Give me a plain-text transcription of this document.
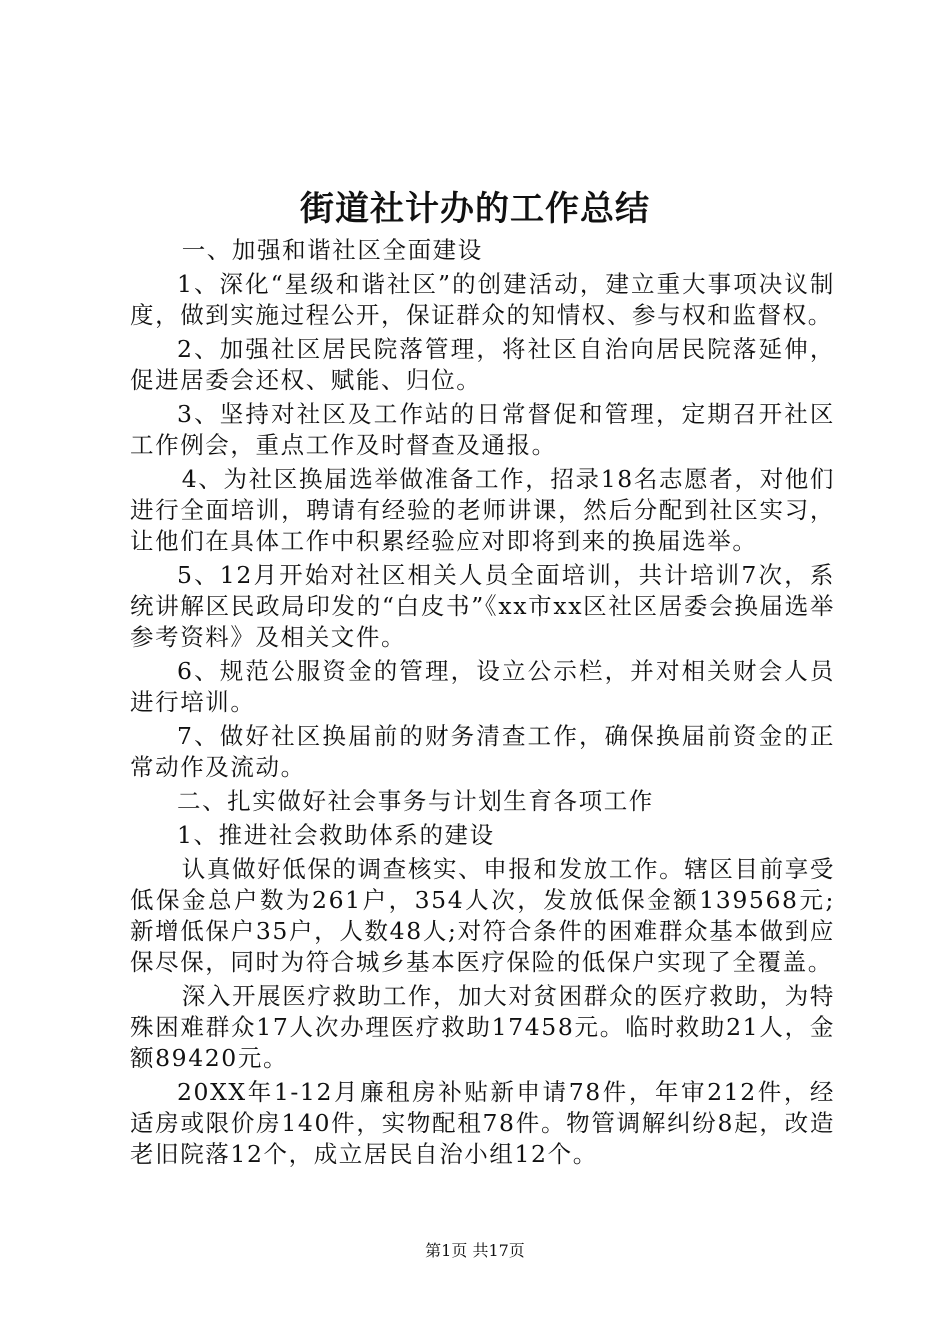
街道社计办的工作总结

一、加强和谐社区全面建设

1、深化“星级和谐社区”的创建活动，建立重大事项决议制度，做到实施过程公开，保证群众的知情权、参与权和监督权。

2、加强社区居民院落管理，将社区自治向居民院落延伸，促进居委会还权、赋能、归位。

3、坚持对社区及工作站的日常督促和管理，定期召开社区工作例会，重点工作及时督查及通报。

4、为社区换届选举做准备工作，招录18名志愿者，对他们进行全面培训，聘请有经验的老师讲课，然后分配到社区实习，让他们在具体工作中积累经验应对即将到来的换届选举。

5、12月开始对社区相关人员全面培训，共计培训7次，系统讲解区民政局印发的“白皮书”《xx市xx区社区居委会换届选举参考资料》及相关文件。

6、规范公服资金的管理，设立公示栏，并对相关财会人员进行培训。

7、做好社区换届前的财务清查工作，确保换届前资金的正常动作及流动。

二、扎实做好社会事务与计划生育各项工作

1、推进社会救助体系的建设

认真做好低保的调查核实、申报和发放工作。辖区目前享受低保金总户数为261户，354人次，发放低保金额139568元;新增低保户35户，人数48人;对符合条件的困难群众基本做到应保尽保，同时为符合城乡基本医疗保险的低保户实现了全覆盖。

深入开展医疗救助工作，加大对贫困群众的医疗救助，为特殊困难群众17人次办理医疗救助17458元。临时救助21人，金额89420元。

20XX年1-12月廉租房补贴新申请78件，年审212件，经适房或限价房140件，实物配租78件。物管调解纠纷8起，改造老旧院落12个，成立居民自治小组12个。

第1页 共17页
